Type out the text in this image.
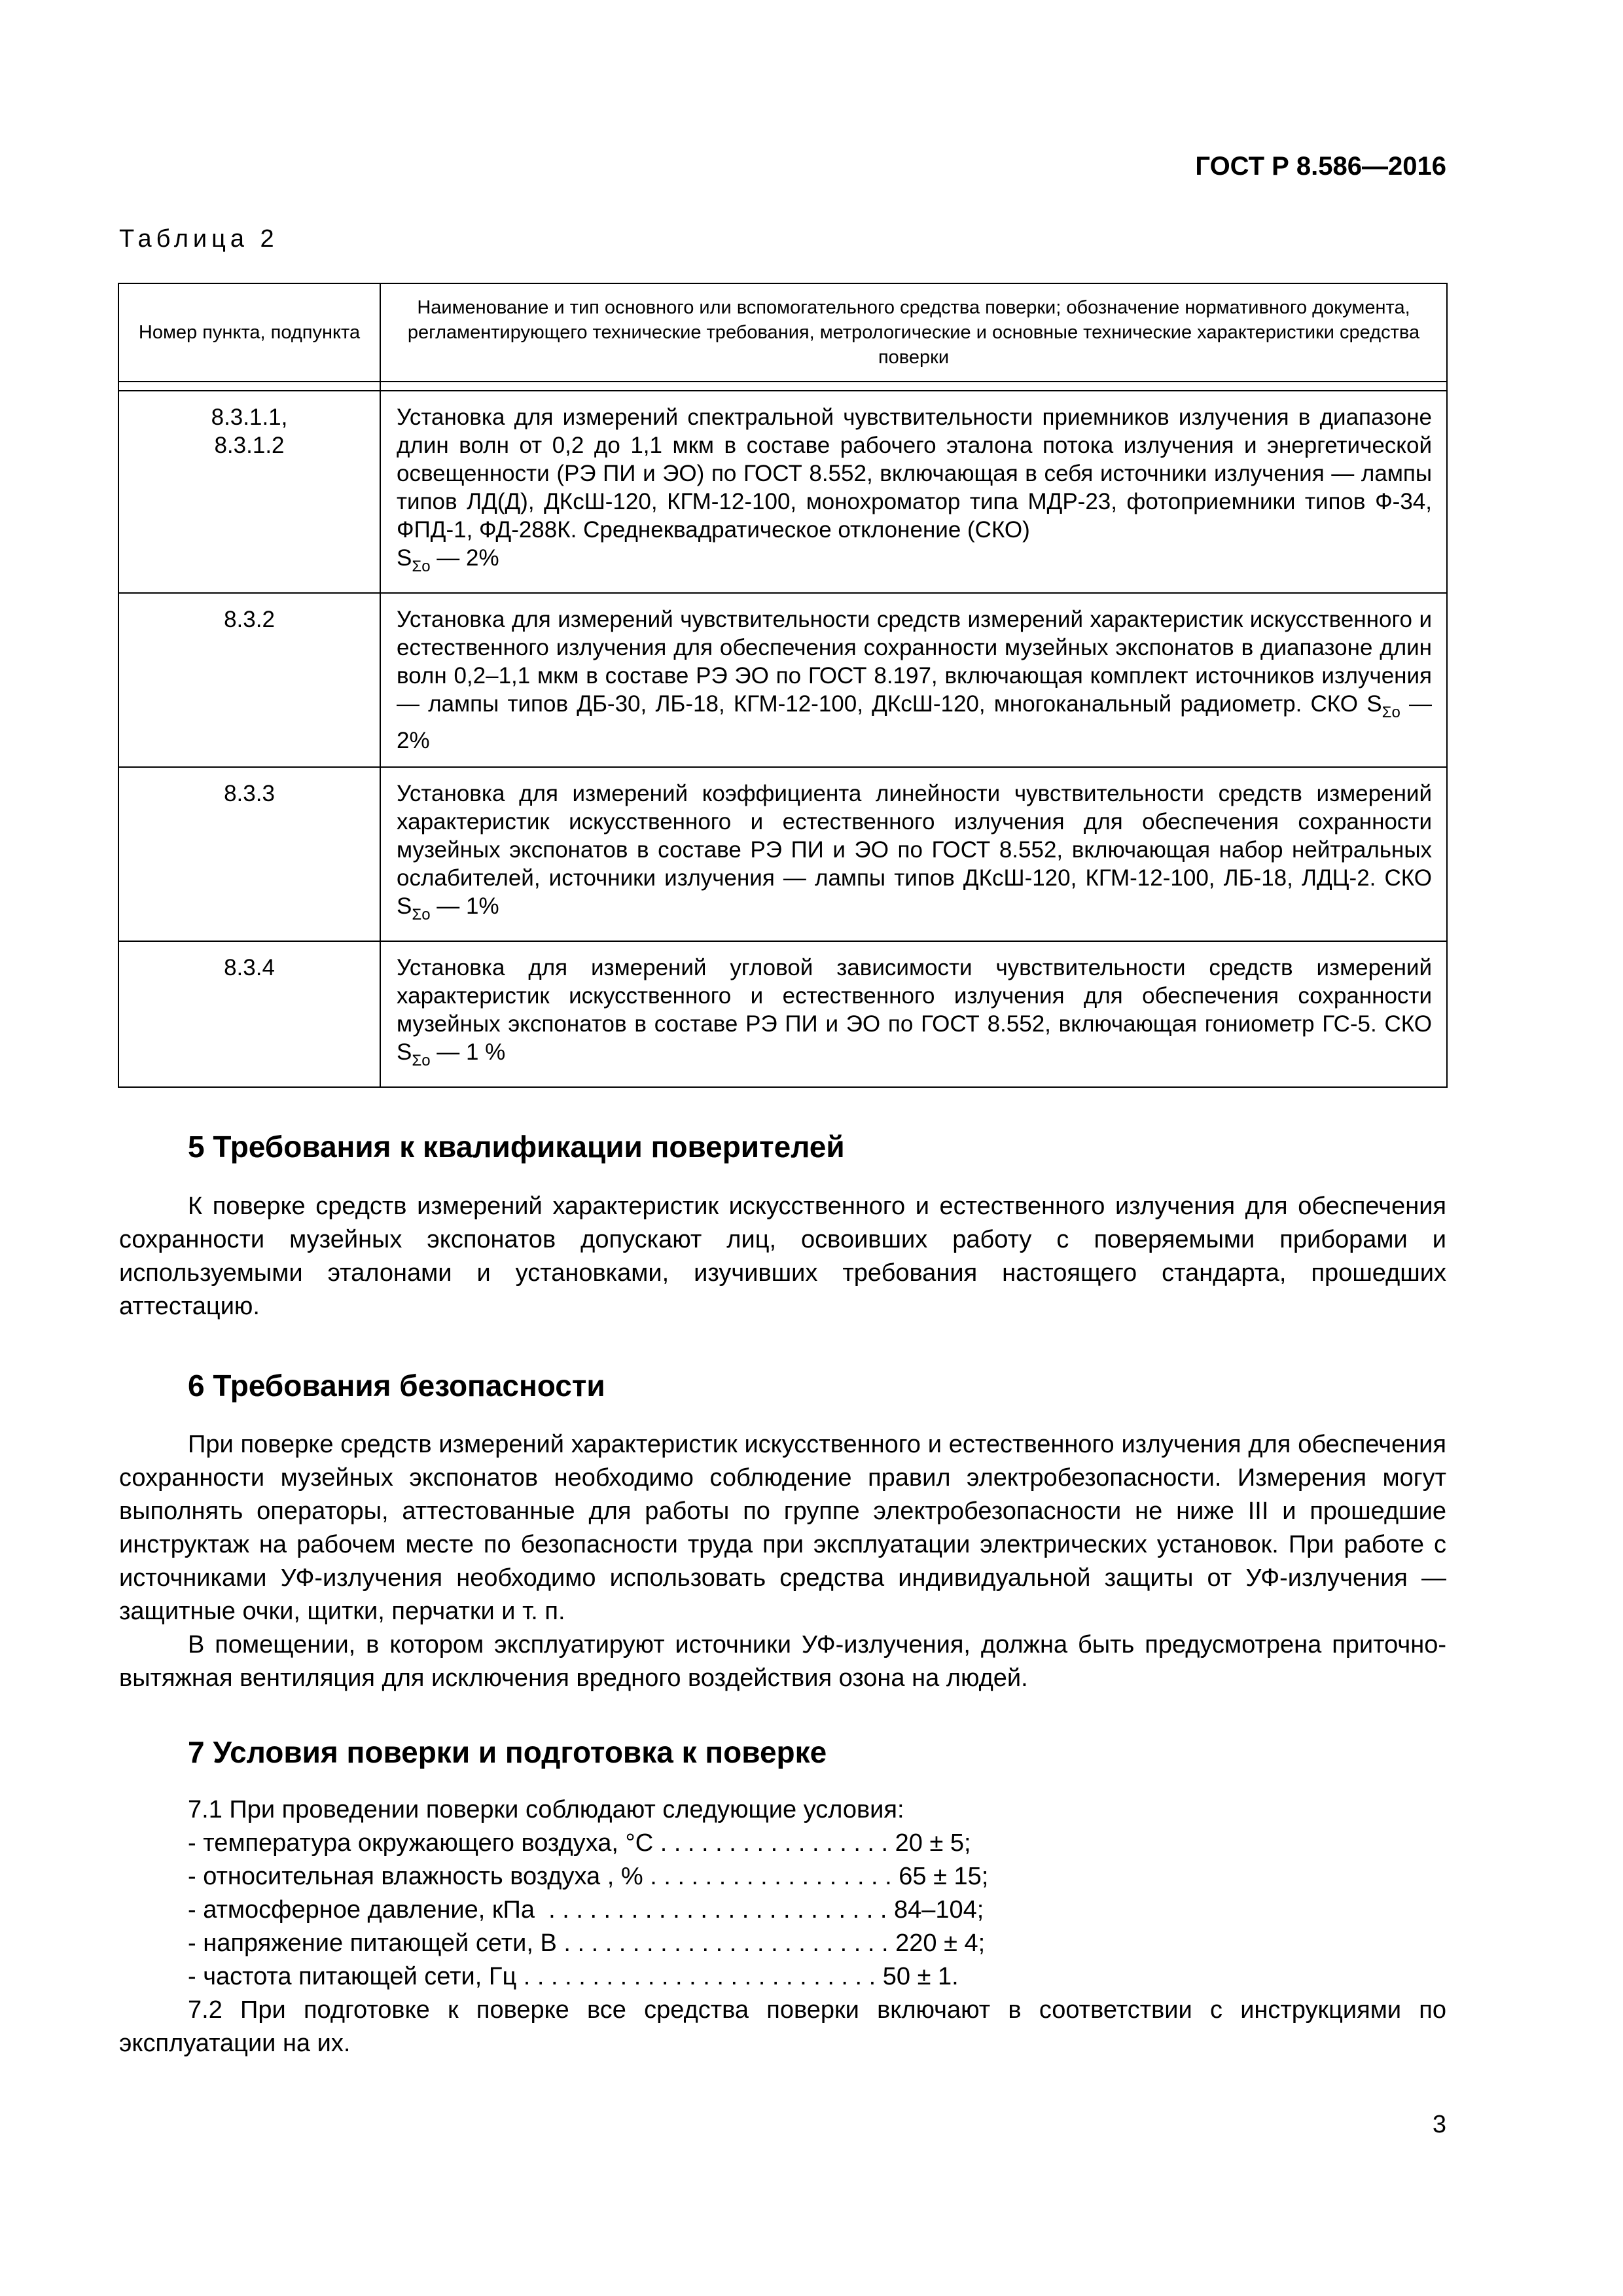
ГОСТ Р 8.586—2016
Таблица 2
Номер пункта, подпункта	Наименование и тип основного или вспомогательного средства поверки; обозначение нормативного документа, регламентирующего технические требования, метрологические и основные технические характеристики средства поверки

8.3.1.1, 8.3.1.2	Установка для измерений спектральной чувствительности приемников излучения в диапазоне длин волн от 0,2 до 1,1 мкм в составе рабочего эталона потока излучения и энергетической освещенности (РЭ ПИ и ЭО) по ГОСТ 8.552, включающая в себя источники излучения — лампы типов ЛД(Д), ДКсШ-120, КГМ-12-100, монохроматор типа МДР-23, фотоприемники типов Ф-34, ФПД-1, ФД-288К. Среднеквадратическое отклонение (СКО)
$S_{\Sigma o}$ — 2%
8.3.2	Установка для измерений чувствительности средств измерений характеристик искусственного и естественного излучения для обеспечения сохранности музейных экспонатов в диапазоне длин волн 0,2–1,1 мкм в составе РЭ ЭО по ГОСТ 8.197, включающая комплект источников излучения — лампы типов ДБ-30, ЛБ-18, КГМ-12-100, ДКсШ-120, многоканальный радиометр. СКО $S_{\Sigma o}$ — 2%
8.3.3	Установка для измерений коэффициента линейности чувствительности средств измерений характеристик искусственного и естественного излучения для обеспечения сохранности музейных экспонатов в составе РЭ ПИ и ЭО по ГОСТ 8.552, включающая набор нейтральных ослабителей, источники излучения — лампы типов ДКсШ-120, КГМ-12-100, ЛБ-18, ЛДЦ-2. СКО $S_{\Sigma o}$ — 1%
8.3.4	Установка для измерений угловой зависимости чувствительности средств измерений характеристик искусственного и естественного излучения для обеспечения сохранности музейных экспонатов в составе РЭ ПИ и ЭО по ГОСТ 8.552, включающая гониометр ГС-5. СКО $S_{\Sigma o}$ — 1 %
5 Требования к квалификации поверителей

К поверке средств измерений характеристик искусственного и естественного излучения для обеспечения сохранности музейных экспонатов допускают лиц, освоивших работу с поверяемыми приборами и используемыми эталонами и установками, изучивших требования настоящего стандарта, прошедших аттестацию.

6 Требования безопасности

При поверке средств измерений характеристик искусственного и естественного излучения для обеспечения сохранности музейных экспонатов необходимо соблюдение правил электробезопасности. Измерения могут выполнять операторы, аттестованные для работы по группе электробезопасности не ниже III и прошедшие инструктаж на рабочем месте по безопасности труда при эксплуатации электрических установок. При работе с источниками УФ-излучения необходимо использовать средства индивидуальной защиты от УФ-излучения — защитные очки, щитки, перчатки и т. п.

В помещении, в котором эксплуатируют источники УФ-излучения, должна быть предусмотрена приточно-вытяжная вентиляция для исключения вредного воздействия озона на людей.

7 Условия поверки и подготовка к поверке
7.1 При проведении поверки соблюдают следующие условия:
- температура окружающего воздуха, °C . . . . . . . . . . . . . . . . . 20 ± 5;
- относительная влажность воздуха , % . . . . . . . . . . . . . . . . . . 65 ± 15;
- атмосферное давление, кПа  . . . . . . . . . . . . . . . . . . . . . . . . . 84–104;
- напряжение питающей сети, В . . . . . . . . . . . . . . . . . . . . . . . . 220 ± 4;
- частота питающей сети, Гц . . . . . . . . . . . . . . . . . . . . . . . . . . 50 ± 1.

7.2 При подготовке к поверке все средства поверки включают в соответствии с инструкциями по эксплуатации на их.

3
